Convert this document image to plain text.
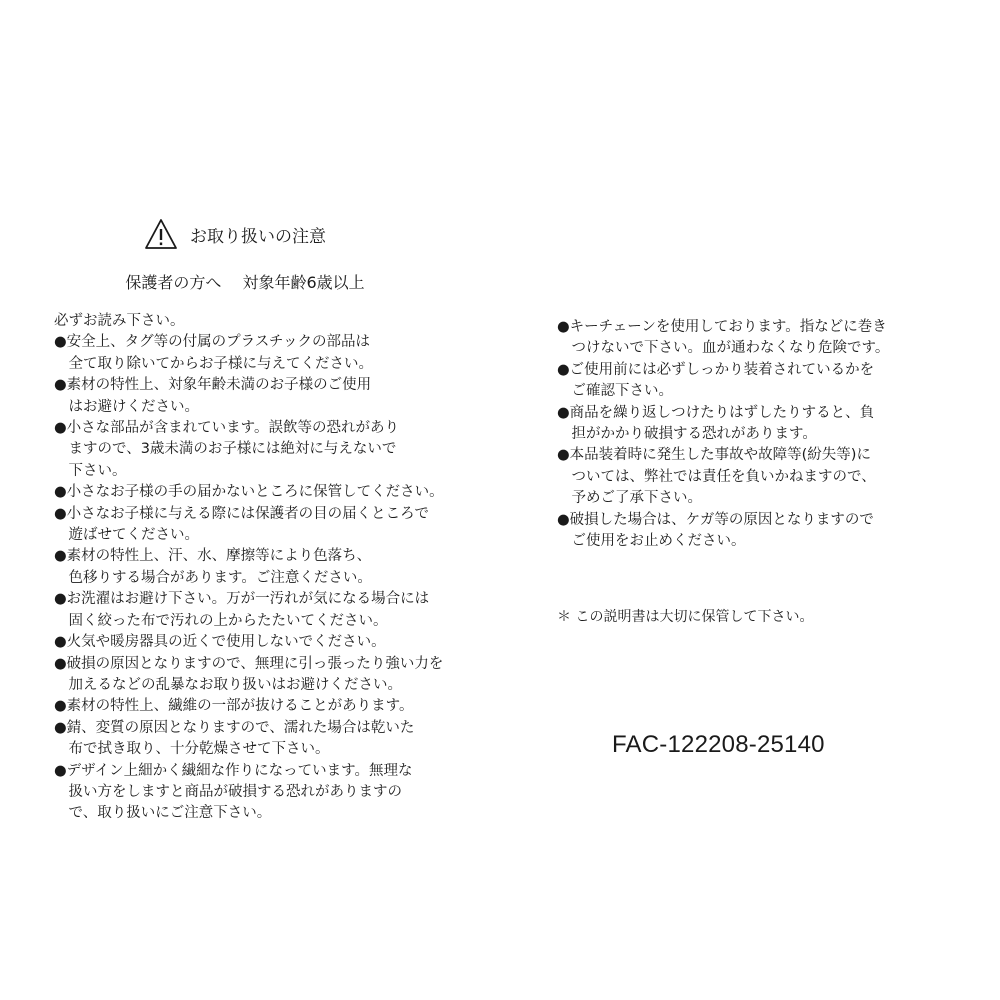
お取り扱いの注意
保護者の方へ　 対象年齢6歳以上
必ずお読み下さい。
●安全上、タグ等の付属のプラスチックの部品は
　全て取り除いてからお子様に与えてください。
●素材の特性上、対象年齢未満のお子様のご使用
　はお避けください。
●小さな部品が含まれています。誤飲等の恐れがあり
　ますので、3歳未満のお子様には絶対に与えないで
　下さい。
●小さなお子様の手の届かないところに保管してください。
●小さなお子様に与える際には保護者の目の届くところで
　遊ばせてください。
●素材の特性上、汗、水、摩擦等により色落ち、
　色移りする場合があります。ご注意ください。
●お洗濯はお避け下さい。万が一汚れが気になる場合には
　固く絞った布で汚れの上からたたいてください。
●火気や暖房器具の近くで使用しないでください。
●破損の原因となりますので、無理に引っ張ったり強い力を
　加えるなどの乱暴なお取り扱いはお避けください。
●素材の特性上、繊維の一部が抜けることがあります。
●錆、変質の原因となりますので、濡れた場合は乾いた
　布で拭き取り、十分乾燥させて下さい。
●デザイン上細かく繊細な作りになっています。無理な
　扱い方をしますと商品が破損する恐れがありますの
　で、取り扱いにご注意下さい。
●キーチェーンを使用しております。指などに巻き
　つけないで下さい。血が通わなくなり危険です。
●ご使用前には必ずしっかり装着されているかを
　ご確認下さい。
●商品を繰り返しつけたりはずしたりすると、負
　担がかかり破損する恐れがあります。
●本品装着時に発生した事故や故障等(紛失等)に
　ついては、弊社では責任を負いかねますので、
　予めご了承下さい。
●破損した場合は、ケガ等の原因となりますので
　ご使用をお止めください。
＊ この説明書は大切に保管して下さい。
FAC-122208-25140
